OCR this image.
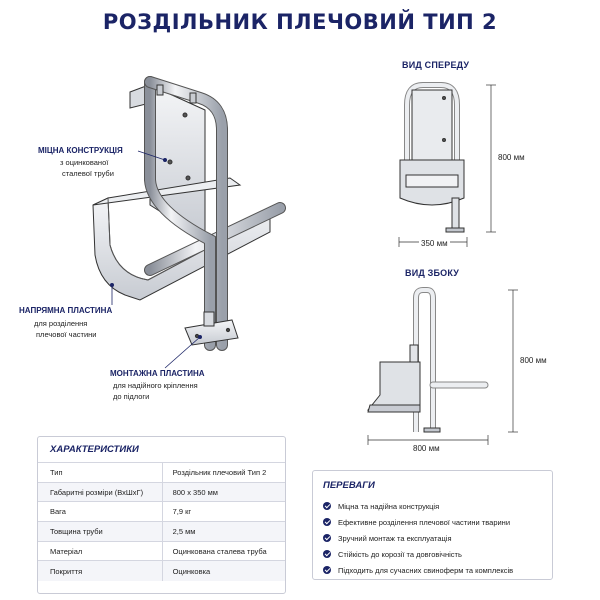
РОЗДІЛЬНИК ПЛЕЧОВИЙ ТИП 2
ВИД СПЕРЕДУ
ВИД ЗБОКУ
800 мм
350 мм
800 мм
800 мм
МІЦНА КОНСТРУКЦІЯ
з оцинкованої
сталевої труби
НАПРЯМНА ПЛАСТИНА
для розділення
плечової частини
МОНТАЖНА ПЛАСТИНА
для надійного кріплення
до підлоги
ХАРАКТЕРИСТИКИ
Тип	Роздільник плечовий Тип 2
Габаритні розміри (ВхШхГ)	800 x 350 мм
Вага	7,9 кг
Товщина труби	2,5 мм
Матеріал	Оцинкована сталева труба
Покриття	Оцинковка
ПЕРЕВАГИ
Міцна та надійна конструкція
Ефективне розділення плечової частини тварини
Зручний монтаж та експлуатація
Стійкість до корозії та довговічність
Підходить для сучасних свиноферм та комплексів
